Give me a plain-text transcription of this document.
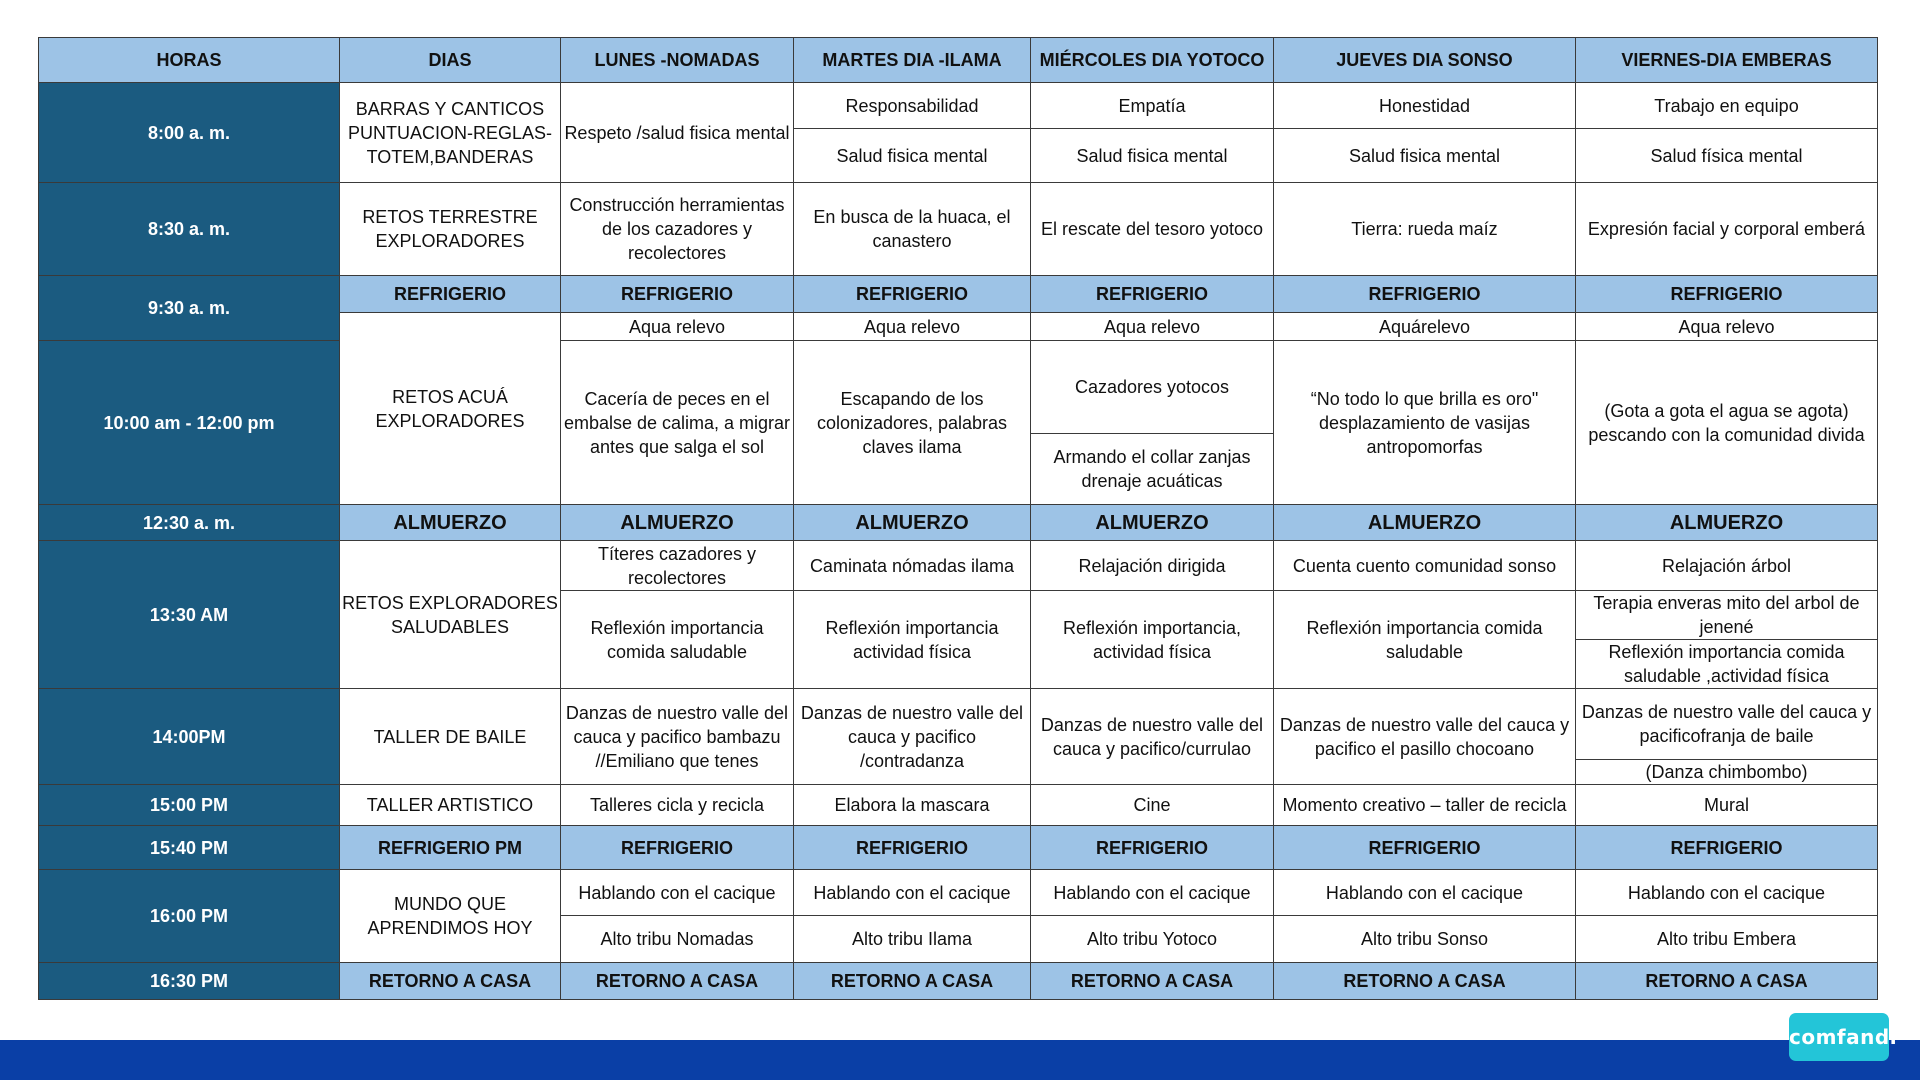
HORAS	DIAS	LUNES -NOMADAS	MARTES DIA -ILAMA	MIÉRCOLES DIA YOTOCO	JUEVES DIA SONSO	VIERNES-DIA EMBERAS
8:00 a. m.	BARRAS Y CANTICOS PUNTUACION-REGLAS-TOTEM,BANDERAS	Respeto /salud fisica mental	Responsabilidad	Empatía	Honestidad	Trabajo en equipo
			Salud fisica mental	Salud fisica mental	Salud fisica mental	Salud física mental
8:30 a. m.	RETOS TERRESTRE EXPLORADORES	Construcción herramientas de los cazadores y recolectores	En busca de la huaca, el canastero	El rescate del tesoro yotoco	Tierra: rueda maíz	Expresión facial y corporal emberá
9:30 a. m.	REFRIGERIO	REFRIGERIO	REFRIGERIO	REFRIGERIO	REFRIGERIO	REFRIGERIO
	RETOS ACUÁ EXPLORADORES	Aqua relevo	Aqua relevo	Aqua relevo	Aquárelevo	Aqua relevo
10:00 am - 12:00 pm		Cacería de peces en el embalse de calima, a migrar antes que salga el sol	Escapando de los colonizadores, palabras claves ilama	Cazadores yotocos	“No todo lo que brilla es oro" desplazamiento de vasijas antropomorfas	(Gota a gota el agua se agota) pescando con la comunidad divida
				Armando el collar zanjas drenaje acuáticas		

12:30 a. m.	ALMUERZO	ALMUERZO	ALMUERZO	ALMUERZO	ALMUERZO	ALMUERZO
13:30 AM	RETOS EXPLORADORES SALUDABLES	Títeres cazadores y recolectores	Caminata nómadas ilama	Relajación dirigida	Cuenta cuento comunidad sonso	Relajación árbol
		Reflexión importancia comida saludable	Reflexión importancia actividad física	Reflexión importancia, actividad física	Reflexión importancia comida saludable	Terapia enveras mito del arbol de jenené
						Reflexión importancia comida saludable ,actividad física
14:00PM	TALLER DE BAILE	Danzas de nuestro valle del cauca y pacifico bambazu //Emiliano que tenes	Danzas de nuestro valle del cauca y pacifico /contradanza	Danzas de nuestro valle del cauca y pacifico/currulao	Danzas de nuestro valle del cauca y pacifico el pasillo chocoano	Danzas de nuestro valle del cauca y pacificofranja de baile
						(Danza chimbombo)
15:00 PM	TALLER ARTISTICO	Talleres cicla y recicla	Elabora la mascara	Cine	Momento creativo – taller de recicla	Mural
15:40 PM	REFRIGERIO PM	REFRIGERIO	REFRIGERIO	REFRIGERIO	REFRIGERIO	REFRIGERIO
16:00 PM	MUNDO QUE APRENDIMOS HOY	Hablando con el cacique	Hablando con el cacique	Hablando con el cacique	Hablando con el cacique	Hablando con el cacique
		Alto tribu Nomadas	Alto tribu Ilama	Alto tribu Yotoco	Alto tribu Sonso	Alto tribu Embera
16:30 PM	RETORNO A CASA	RETORNO A CASA	RETORNO A CASA	RETORNO A CASA	RETORNO A CASA	RETORNO A CASA
comfandi
